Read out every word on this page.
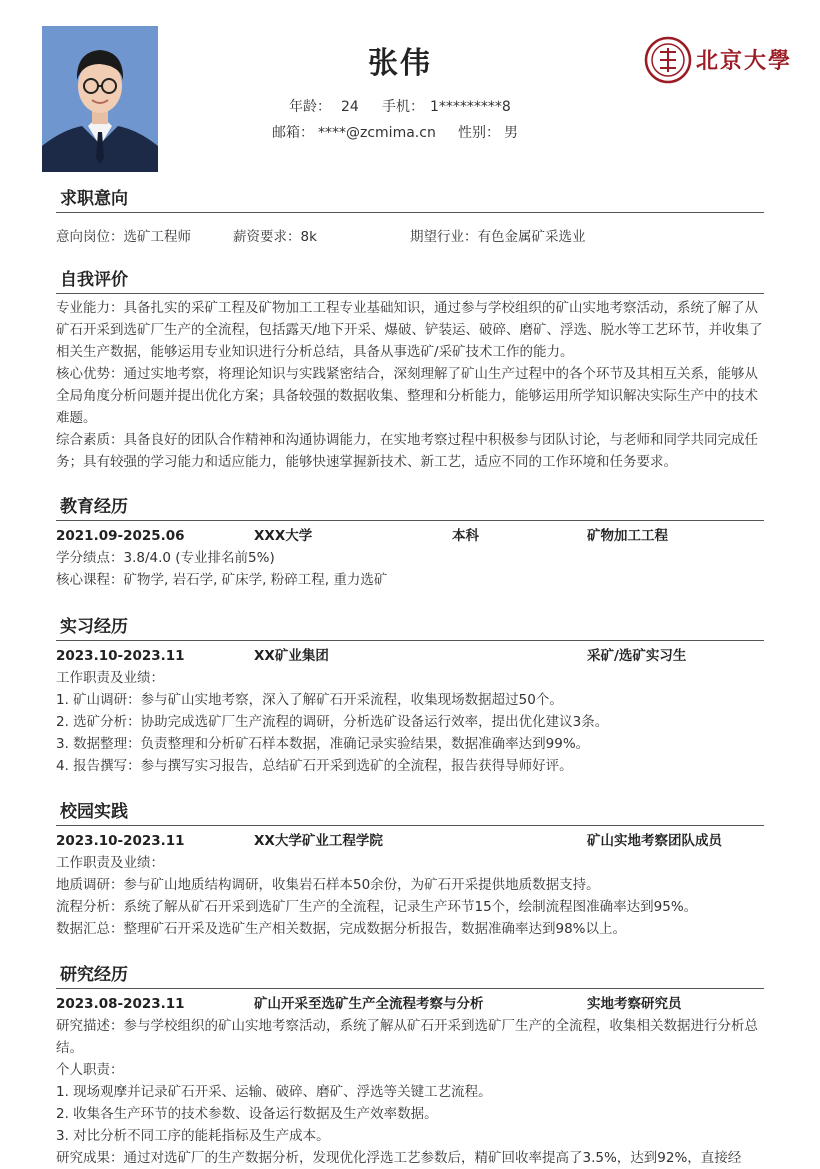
张伟
年龄： 24 手机： 1*********8
邮箱： ****@zcmima.cn 性别： 男
北京大學
求职意向
意向岗位：选矿工程师	薪资要求：8k	期望行业：有色金属矿采选业
自我评价

专业能力：具备扎实的采矿工程及矿物加工工程专业基础知识，通过参与学校组织的矿山实地考察活动，系统了解了从矿石开采到选矿厂生产的全流程，包括露天/地下开采、爆破、铲装运、破碎、磨矿、浮选、脱水等工艺环节，并收集了相关生产数据，能够运用专业知识进行分析总结，具备从事选矿/采矿技术工作的能力。

核心优势：通过实地考察，将理论知识与实践紧密结合，深刻理解了矿山生产过程中的各个环节及其相互关系，能够从全局角度分析问题并提出优化方案；具备较强的数据收集、整理和分析能力，能够运用所学知识解决实际生产中的技术难题。

综合素质：具备良好的团队合作精神和沟通协调能力，在实地考察过程中积极参与团队讨论，与老师和同学共同完成任务；具有较强的学习能力和适应能力，能够快速掌握新技术、新工艺，适应不同的工作环境和任务要求。

教育经历
2021.09-2025.06	XXX大学	本科	矿物加工工程

学分绩点：3.8/4.0 (专业排名前5%)

核心课程：矿物学, 岩石学, 矿床学, 粉碎工程, 重力选矿

实习经历
2023.10-2023.11	XX矿业集团	采矿/选矿实习生

工作职责及业绩：

1. 矿山调研：参与矿山实地考察，深入了解矿石开采流程，收集现场数据超过50个。

2. 选矿分析：协助完成选矿厂生产流程的调研，分析选矿设备运行效率，提出优化建议3条。

3. 数据整理：负责整理和分析矿石样本数据，准确记录实验结果，数据准确率达到99%。

4. 报告撰写：参与撰写实习报告，总结矿石开采到选矿的全流程，报告获得导师好评。

校园实践
2023.10-2023.11	XX大学矿业工程学院	矿山实地考察团队成员

工作职责及业绩：

地质调研：参与矿山地质结构调研，收集岩石样本50余份，为矿石开采提供地质数据支持。

流程分析：系统了解从矿石开采到选矿厂生产的全流程，记录生产环节15个，绘制流程图准确率达到95%。

数据汇总：整理矿石开采及选矿生产相关数据，完成数据分析报告，数据准确率达到98%以上。

研究经历
2023.08-2023.11	矿山开采至选矿生产全流程考察与分析	实地考察研究员

研究描述：参与学校组织的矿山实地考察活动，系统了解从矿石开采到选矿厂生产的全流程，收集相关数据进行分析总结。

个人职责：

1. 现场观摩并记录矿石开采、运输、破碎、磨矿、浮选等关键工艺流程。

2. 收集各生产环节的技术参数、设备运行数据及生产效率数据。

3. 对比分析不同工序的能耗指标及生产成本。

研究成果：通过对选矿厂的生产数据分析，发现优化浮选工艺参数后，精矿回收率提高了3.5%，达到92%，直接经
